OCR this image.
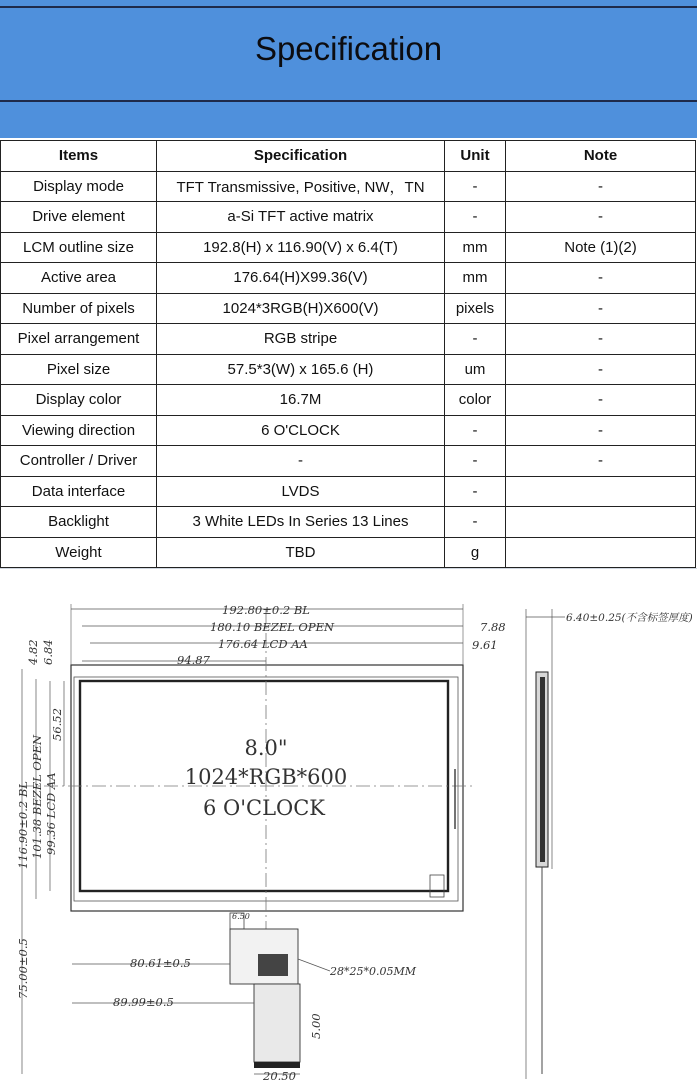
Specification
Items	Specification	Unit	Note
Display mode	TFT Transmissive, Positive, NW，TN	-	-
Drive element	a-Si TFT active matrix	-	-
LCM outline size	192.8(H) x 116.90(V) x 6.4(T)	mm	Note (1)(2)
Active area	176.64(H)X99.36(V)	mm	-
Number of pixels	1024*3RGB(H)X600(V)	pixels	-
Pixel arrangement	RGB stripe	-	-
Pixel size	57.5*3(W) x 165.6 (H)	um	-
Display color	16.7M	color	-
Viewing direction	6 O'CLOCK	-	-
Controller / Driver	-	-	-
Data interface	LVDS	-	
Backlight	3 White LEDs In Series 13 Lines	-	
Weight	TBD	g	
192.80±0.2 BL
180.10 BEZEL OPEN
176.64 LCD AA
94.87
7.88
9.61
116.90±0.2 BL 101.38 BEZEL OPEN 99.36 LCD AA
56.52
4.82 6.84
75.00±0.5
8.0"
1024*RGB*600
6 O'CLOCK
80.61±0.5
89.99±0.5
20.50
5.00
6.50
28*25*0.05MM
6.40±0.25(不含标签厚度)
